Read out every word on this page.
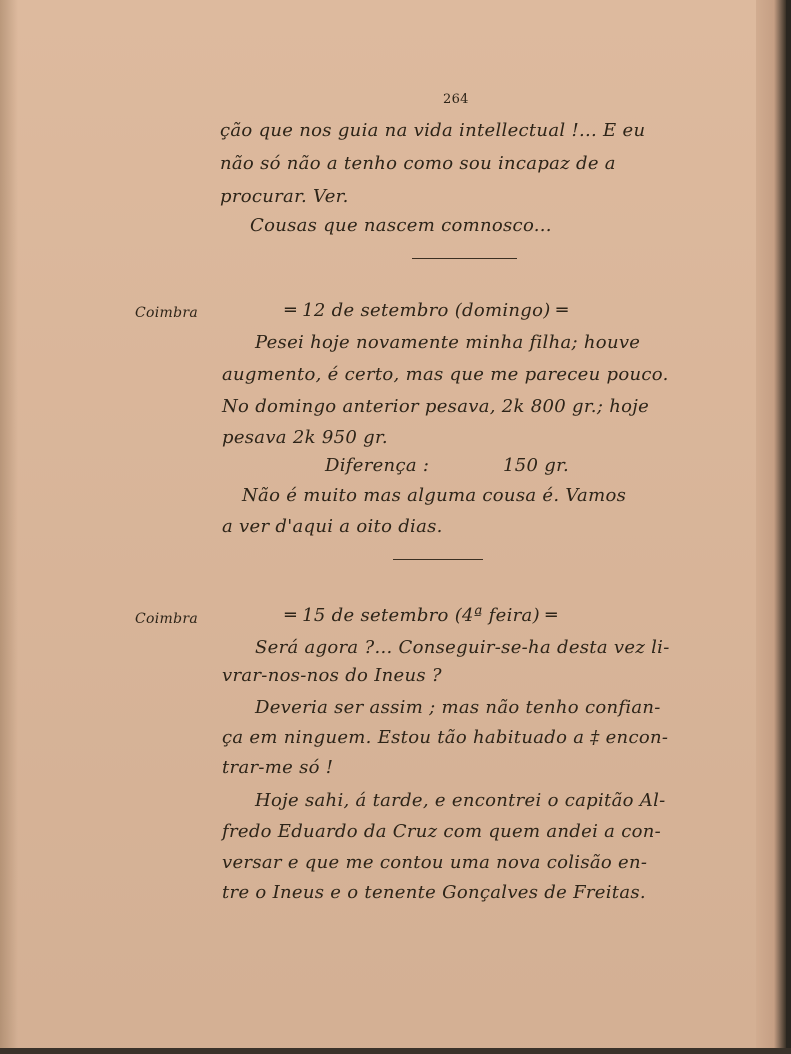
264
ção que nos guia na vida intellectual !... E eu
não só não a tenho como sou incapaz de a
procurar. Ver.
Cousas que nascem comnosco...
Coimbra	═ 12 de setembro (domingo) ═
Pesei hoje novamente minha filha; houve
augmento, é certo, mas que me pareceu pouco.
No domingo anterior pesava, 2k 800 gr.; hoje
pesava 2k 950 gr.
Diferença :	150 gr.
Não é muito mas alguma cousa é. Vamos
a ver d'aqui a oito dias.
Coimbra	═ 15 de setembro (4ª feira) ═
Será agora ?... Conseguir-se-ha desta vez li-
vrar-nos-nos do Ineus ?
Deveria ser assim ; mas não tenho confian-
ça em ninguem. Estou tão habituado a ‡ encon-
trar-me só !
Hoje sahi, á tarde, e encontrei o capitão Al-
fredo Eduardo da Cruz com quem andei a con-
versar e que me contou uma nova colisão en-
tre o Ineus e o tenente Gonçalves de Freitas.
